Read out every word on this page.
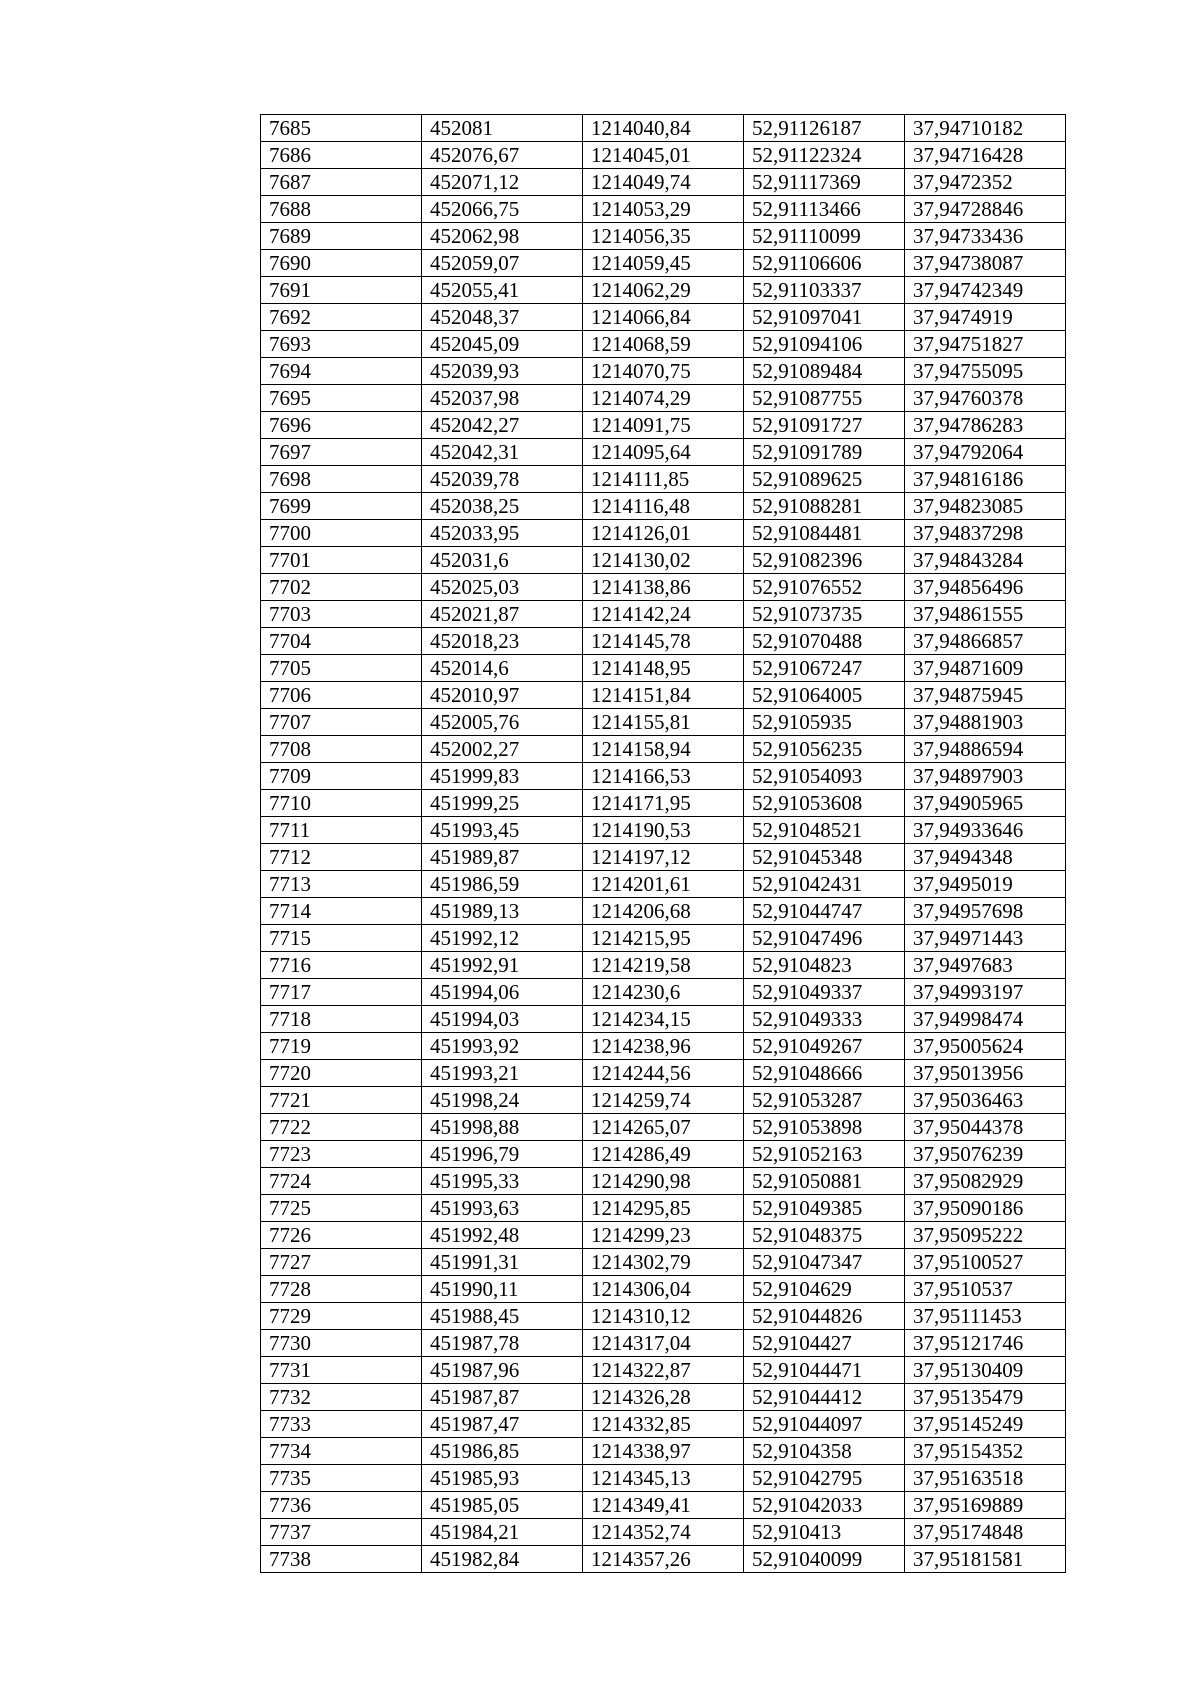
7685	452081	1214040,84	52,91126187	37,94710182
7686	452076,67	1214045,01	52,91122324	37,94716428
7687	452071,12	1214049,74	52,91117369	37,9472352
7688	452066,75	1214053,29	52,91113466	37,94728846
7689	452062,98	1214056,35	52,91110099	37,94733436
7690	452059,07	1214059,45	52,91106606	37,94738087
7691	452055,41	1214062,29	52,91103337	37,94742349
7692	452048,37	1214066,84	52,91097041	37,9474919
7693	452045,09	1214068,59	52,91094106	37,94751827
7694	452039,93	1214070,75	52,91089484	37,94755095
7695	452037,98	1214074,29	52,91087755	37,94760378
7696	452042,27	1214091,75	52,91091727	37,94786283
7697	452042,31	1214095,64	52,91091789	37,94792064
7698	452039,78	1214111,85	52,91089625	37,94816186
7699	452038,25	1214116,48	52,91088281	37,94823085
7700	452033,95	1214126,01	52,91084481	37,94837298
7701	452031,6	1214130,02	52,91082396	37,94843284
7702	452025,03	1214138,86	52,91076552	37,94856496
7703	452021,87	1214142,24	52,91073735	37,94861555
7704	452018,23	1214145,78	52,91070488	37,94866857
7705	452014,6	1214148,95	52,91067247	37,94871609
7706	452010,97	1214151,84	52,91064005	37,94875945
7707	452005,76	1214155,81	52,9105935	37,94881903
7708	452002,27	1214158,94	52,91056235	37,94886594
7709	451999,83	1214166,53	52,91054093	37,94897903
7710	451999,25	1214171,95	52,91053608	37,94905965
7711	451993,45	1214190,53	52,91048521	37,94933646
7712	451989,87	1214197,12	52,91045348	37,9494348
7713	451986,59	1214201,61	52,91042431	37,9495019
7714	451989,13	1214206,68	52,91044747	37,94957698
7715	451992,12	1214215,95	52,91047496	37,94971443
7716	451992,91	1214219,58	52,9104823	37,9497683
7717	451994,06	1214230,6	52,91049337	37,94993197
7718	451994,03	1214234,15	52,91049333	37,94998474
7719	451993,92	1214238,96	52,91049267	37,95005624
7720	451993,21	1214244,56	52,91048666	37,95013956
7721	451998,24	1214259,74	52,91053287	37,95036463
7722	451998,88	1214265,07	52,91053898	37,95044378
7723	451996,79	1214286,49	52,91052163	37,95076239
7724	451995,33	1214290,98	52,91050881	37,95082929
7725	451993,63	1214295,85	52,91049385	37,95090186
7726	451992,48	1214299,23	52,91048375	37,95095222
7727	451991,31	1214302,79	52,91047347	37,95100527
7728	451990,11	1214306,04	52,9104629	37,9510537
7729	451988,45	1214310,12	52,91044826	37,95111453
7730	451987,78	1214317,04	52,9104427	37,95121746
7731	451987,96	1214322,87	52,91044471	37,95130409
7732	451987,87	1214326,28	52,91044412	37,95135479
7733	451987,47	1214332,85	52,91044097	37,95145249
7734	451986,85	1214338,97	52,9104358	37,95154352
7735	451985,93	1214345,13	52,91042795	37,95163518
7736	451985,05	1214349,41	52,91042033	37,95169889
7737	451984,21	1214352,74	52,910413	37,95174848
7738	451982,84	1214357,26	52,91040099	37,95181581
